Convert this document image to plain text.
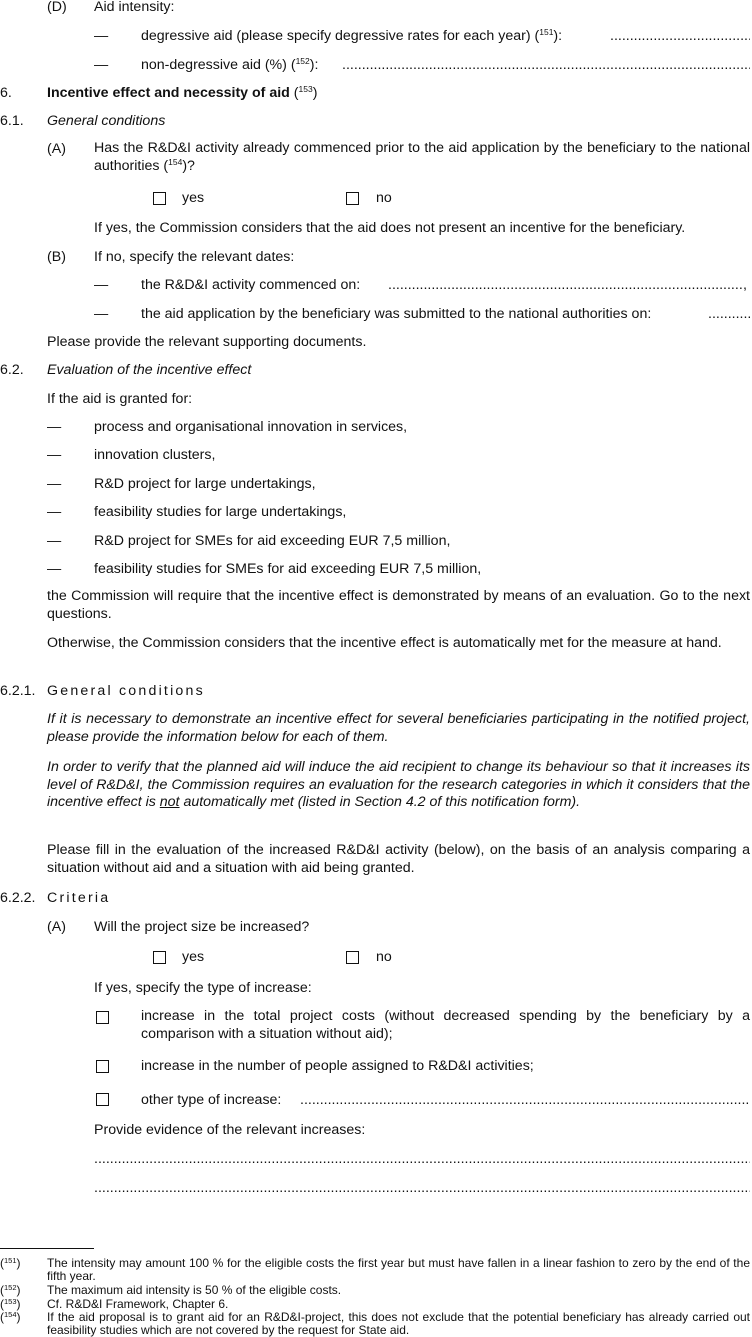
(D) Aid intensity:
— degressive aid (please specify degressive rates for each year) ($^{151}$):
.....
— non-degressive aid (%) ($^{152}$):
.....
6. Incentive effect and necessity of aid ($^{153}$)
6.1. General conditions
(A) Has the R&D&I activity already commenced prior to the aid application by the beneficiary to the national authorities ($^{154}$)?
yes	no
If yes, the Commission considers that the aid does not present an incentive for the beneficiary.
(B) If no, specify the relevant dates:
— the R&D&I activity commenced on:
.....	,
— the aid application by the beneficiary was submitted to the national authorities on:
.....
Please provide the relevant supporting documents.
6.2. Evaluation of the incentive effect
If the aid is granted for:
— process and organisational innovation in services,
— innovation clusters,
— R&D project for large undertakings,
— feasibility studies for large undertakings,
— R&D project for SMEs for aid exceeding EUR 7,5 million,
— feasibility studies for SMEs for aid exceeding EUR 7,5 million,
the Commission will require that the incentive effect is demonstrated by means of an evaluation. Go to the next questions.
Otherwise, the Commission considers that the incentive effect is automatically met for the measure at hand.
6.2.1. General conditions
If it is necessary to demonstrate an incentive effect for several beneficiaries participating in the notified project, please provide the information below for each of them.
In order to verify that the planned aid will induce the aid recipient to change its behaviour so that it increases its level of R&D&I, the Commission requires an evaluation for the research categories in which it considers that the incentive effect is not automatically met (listed in Section 4.2 of this notification form).
Please fill in the evaluation of the increased R&D&I activity (below), on the basis of an analysis comparing a situation without aid and a situation with aid being granted.
6.2.2. Criteria
(A) Will the project size be increased?
yes	no
If yes, specify the type of increase:
increase in the total project costs (without decreased spending by the beneficiary by a comparison with a situation without aid);
increase in the number of people assigned to R&D&I activities;
other type of increase:
.....
Provide evidence of the relevant increases:
.....
.....
($^{151}$) The intensity may amount 100 % for the eligible costs the first year but must have fallen in a linear fashion to zero by the end of the fifth year.
($^{152}$) The maximum aid intensity is 50 % of the eligible costs.
($^{153}$) Cf. R&D&I Framework, Chapter 6.
($^{154}$) If the aid proposal is to grant aid for an R&D&I-project, this does not exclude that the potential beneficiary has already carried out feasibility studies which are not covered by the request for State aid.
